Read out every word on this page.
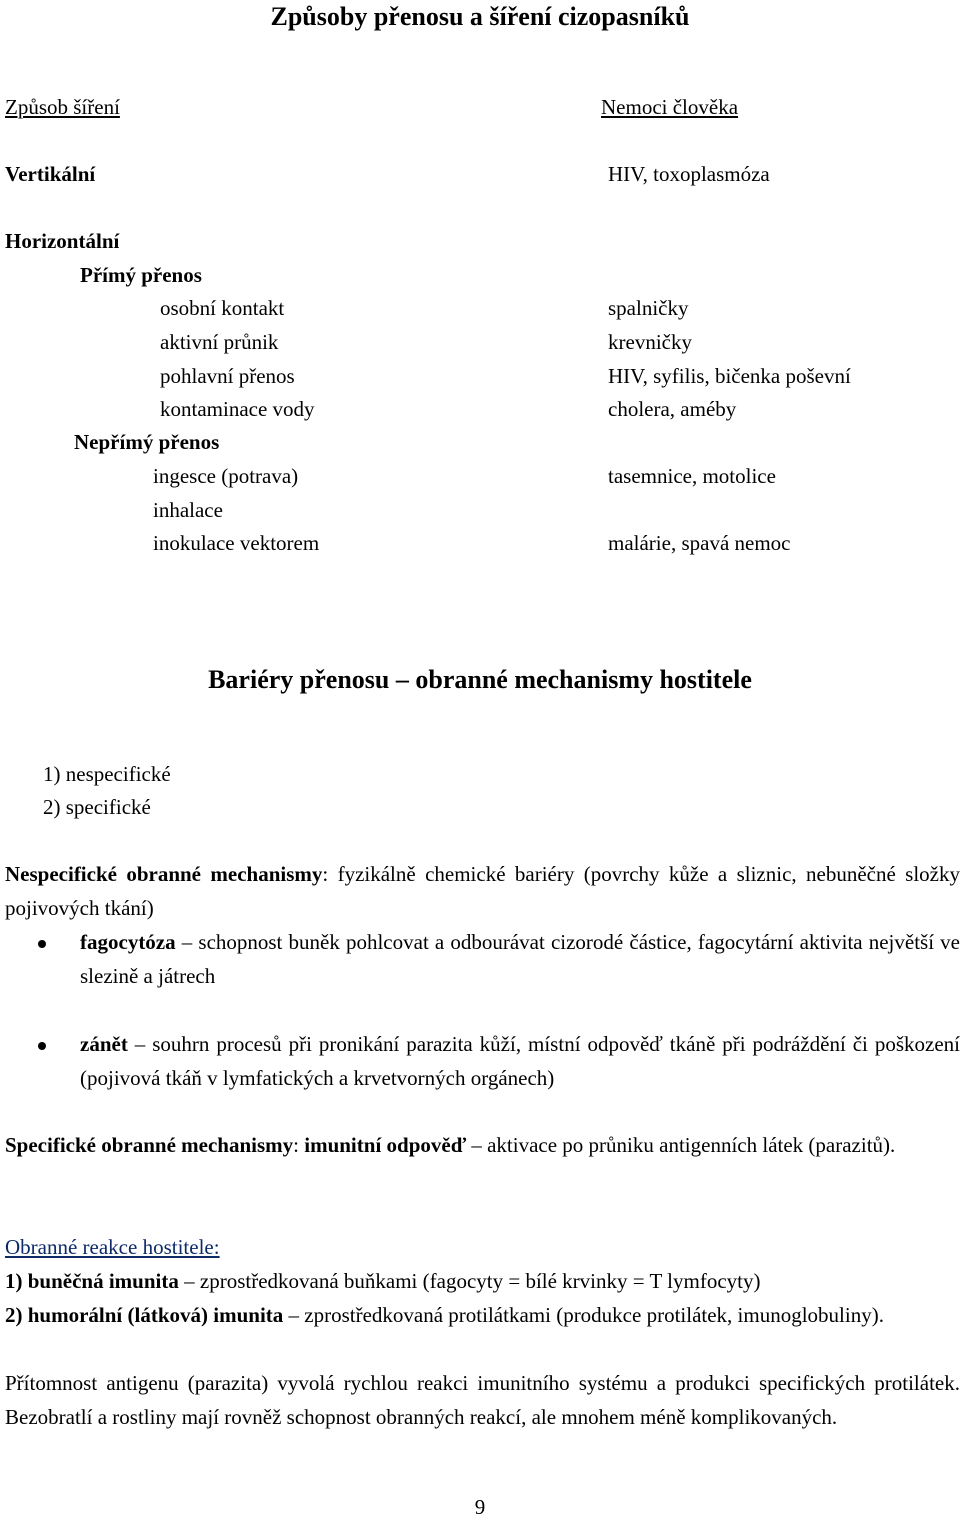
Způsoby přenosu a šíření cizopasníků
Způsob šíření	Nemoci člověka
Vertikální	HIV, toxoplasmóza
Horizontální
Přímý přenos
osobní kontakt	spalničky
aktivní průnik	krevničky
pohlavní přenos	HIV, syfilis, bičenka poševní
kontaminace vody	cholera, améby
Nepřímý přenos
ingesce (potrava)	tasemnice, motolice
inhalace
inokulace vektorem	malárie, spavá nemoc
Bariéry přenosu – obranné mechanismy hostitele
1) nespecifické
2) specifické
Nespecifické obranné mechanismy: fyzikálně chemické bariéry (povrchy kůže a sliznic, nebuněčné složky pojivových tkání)
fagocytóza – schopnost buněk pohlcovat a odbourávat cizorodé částice, fagocytární aktivita největší ve slezině a játrech
zánět – souhrn procesů při pronikání parazita kůží, místní odpověď tkáně při podráždění či poškození (pojivová tkáň v lymfatických a krvetvorných orgánech)
Specifické obranné mechanismy: imunitní odpověď – aktivace po průniku antigenních látek (parazitů).
Obranné reakce hostitele:
1) buněčná imunita – zprostředkovaná buňkami (fagocyty = bílé krvinky = T lymfocyty)
2) humorální (látková) imunita – zprostředkovaná protilátkami (produkce protilátek, imunoglobuliny).
Přítomnost antigenu (parazita) vyvolá rychlou reakci imunitního systému a produkci specifických protilátek. Bezobratlí a rostliny mají rovněž schopnost obranných reakcí, ale mnohem méně komplikovaných.
9
